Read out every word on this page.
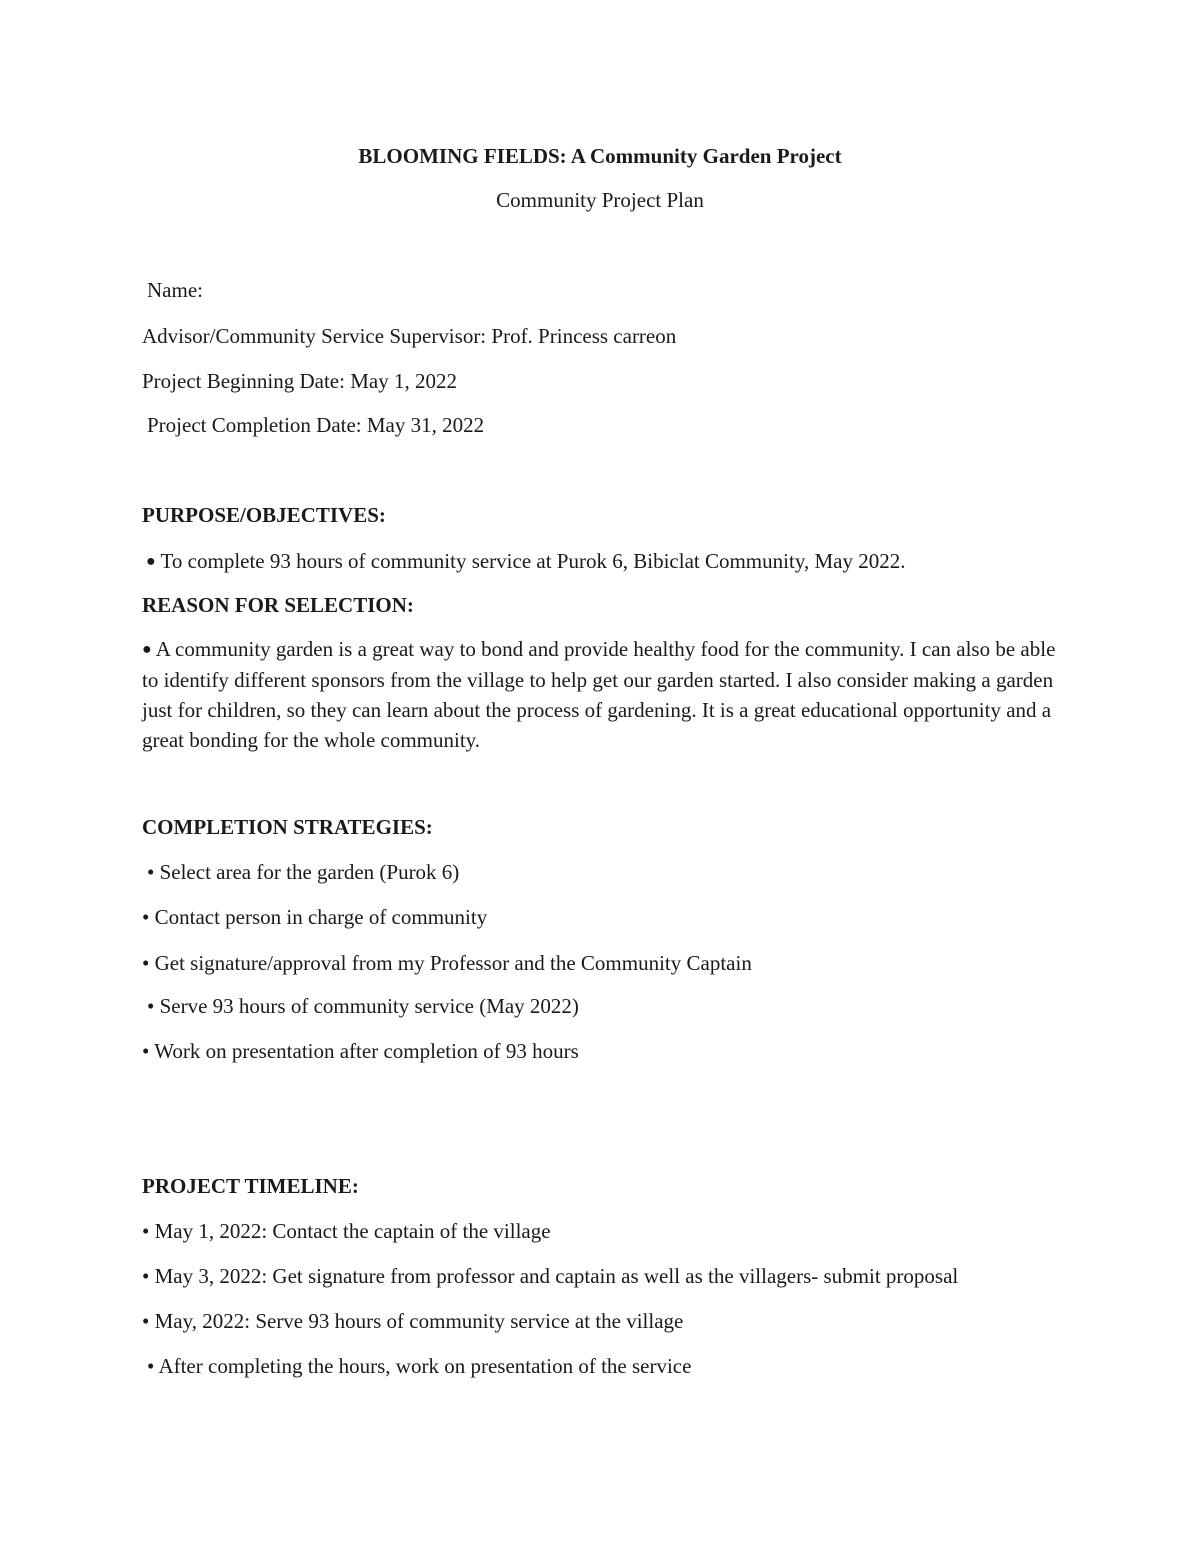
BLOOMING FIELDS: A Community Garden Project
Community Project Plan
Name:
Advisor/Community Service Supervisor: Prof. Princess carreon
Project Beginning Date: May 1, 2022
Project Completion Date: May 31, 2022
PURPOSE/OBJECTIVES:
● To complete 93 hours of community service at Purok 6, Bibiclat Community, May 2022.
REASON FOR SELECTION:
● A community garden is a great way to bond and provide healthy food for the community. I can also be able to identify different sponsors from the village to help get our garden started. I also consider making a garden just for children, so they can learn about the process of gardening. It is a great educational opportunity and a great bonding for the whole community.
COMPLETION STRATEGIES:
• Select area for the garden (Purok 6)
• Contact person in charge of community
• Get signature/approval from my Professor and the Community Captain
• Serve 93 hours of community service (May 2022)
• Work on presentation after completion of 93 hours
PROJECT TIMELINE:
• May 1, 2022: Contact the captain of the village
• May 3, 2022: Get signature from professor and captain as well as the villagers- submit proposal
• May, 2022: Serve 93 hours of community service at the village
• After completing the hours, work on presentation of the service
